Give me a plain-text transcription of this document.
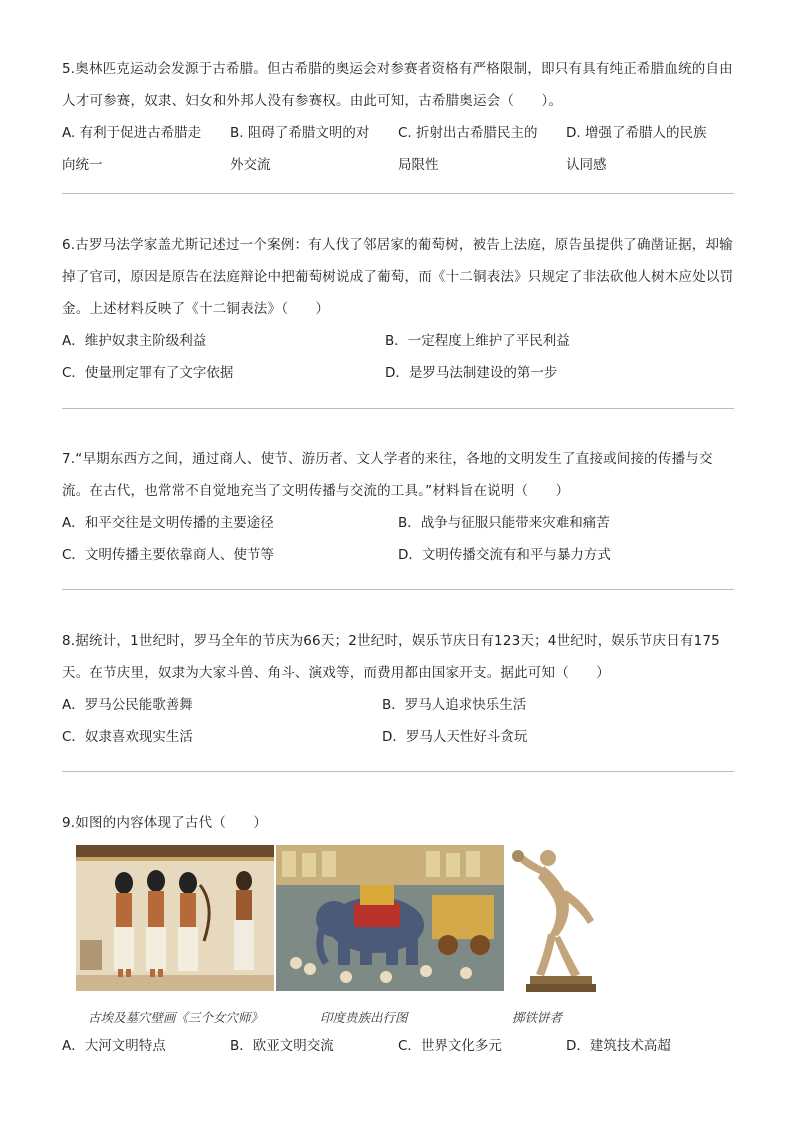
5.奥林匹克运动会发源于古希腊。但古希腊的奥运会对参赛者资格有严格限制，即只有具有纯正希腊血统的自由人才可参赛，奴隶、妇女和外邦人没有参赛权。由此可知，古希腊奥运会（　　）。
A. 有利于促进古希腊走向统一
B. 阻碍了希腊文明的对外交流
C. 折射出古希腊民主的局限性
D. 增强了希腊人的民族认同感
6.古罗马法学家盖尤斯记述过一个案例：有人伐了邻居家的葡萄树，被告上法庭，原告虽提供了确凿证据，却输掉了官司，原因是原告在法庭辩论中把葡萄树说成了葡萄，而《十二铜表法》只规定了非法砍他人树木应处以罚金。上述材料反映了《十二铜表法》（　　）
A．维护奴隶主阶级利益	B．一定程度上维护了平民利益
C．使量刑定罪有了文字依据	D．是罗马法制建设的第一步
7.“早期东西方之间，通过商人、使节、游历者、文人学者的来往，各地的文明发生了直接或间接的传播与交流。在古代，也常常不自觉地充当了文明传播与交流的工具。”材料旨在说明（　　）
A．和平交往是文明传播的主要途径	B．战争与征服只能带来灾难和痛苦
C．文明传播主要依靠商人、使节等	D．文明传播交流有和平与暴力方式
8.据统计，1世纪时，罗马全年的节庆为66天；2世纪时，娱乐节庆日有123天；4世纪时，娱乐节庆日有175天。在节庆里，奴隶为大家斗兽、角斗、演戏等，而费用都由国家开支。据此可知（　　）
A．罗马公民能歌善舞	B．罗马人追求快乐生活
C．奴隶喜欢现实生活	D．罗马人天性好斗贪玩
9.如图的内容体现了古代（　　）
古埃及墓穴壁画《三个女穴师》	印度贵族出行图	掷铁饼者
A．大河文明特点	B．欧亚文明交流	C．世界文化多元	D．建筑技术高超
